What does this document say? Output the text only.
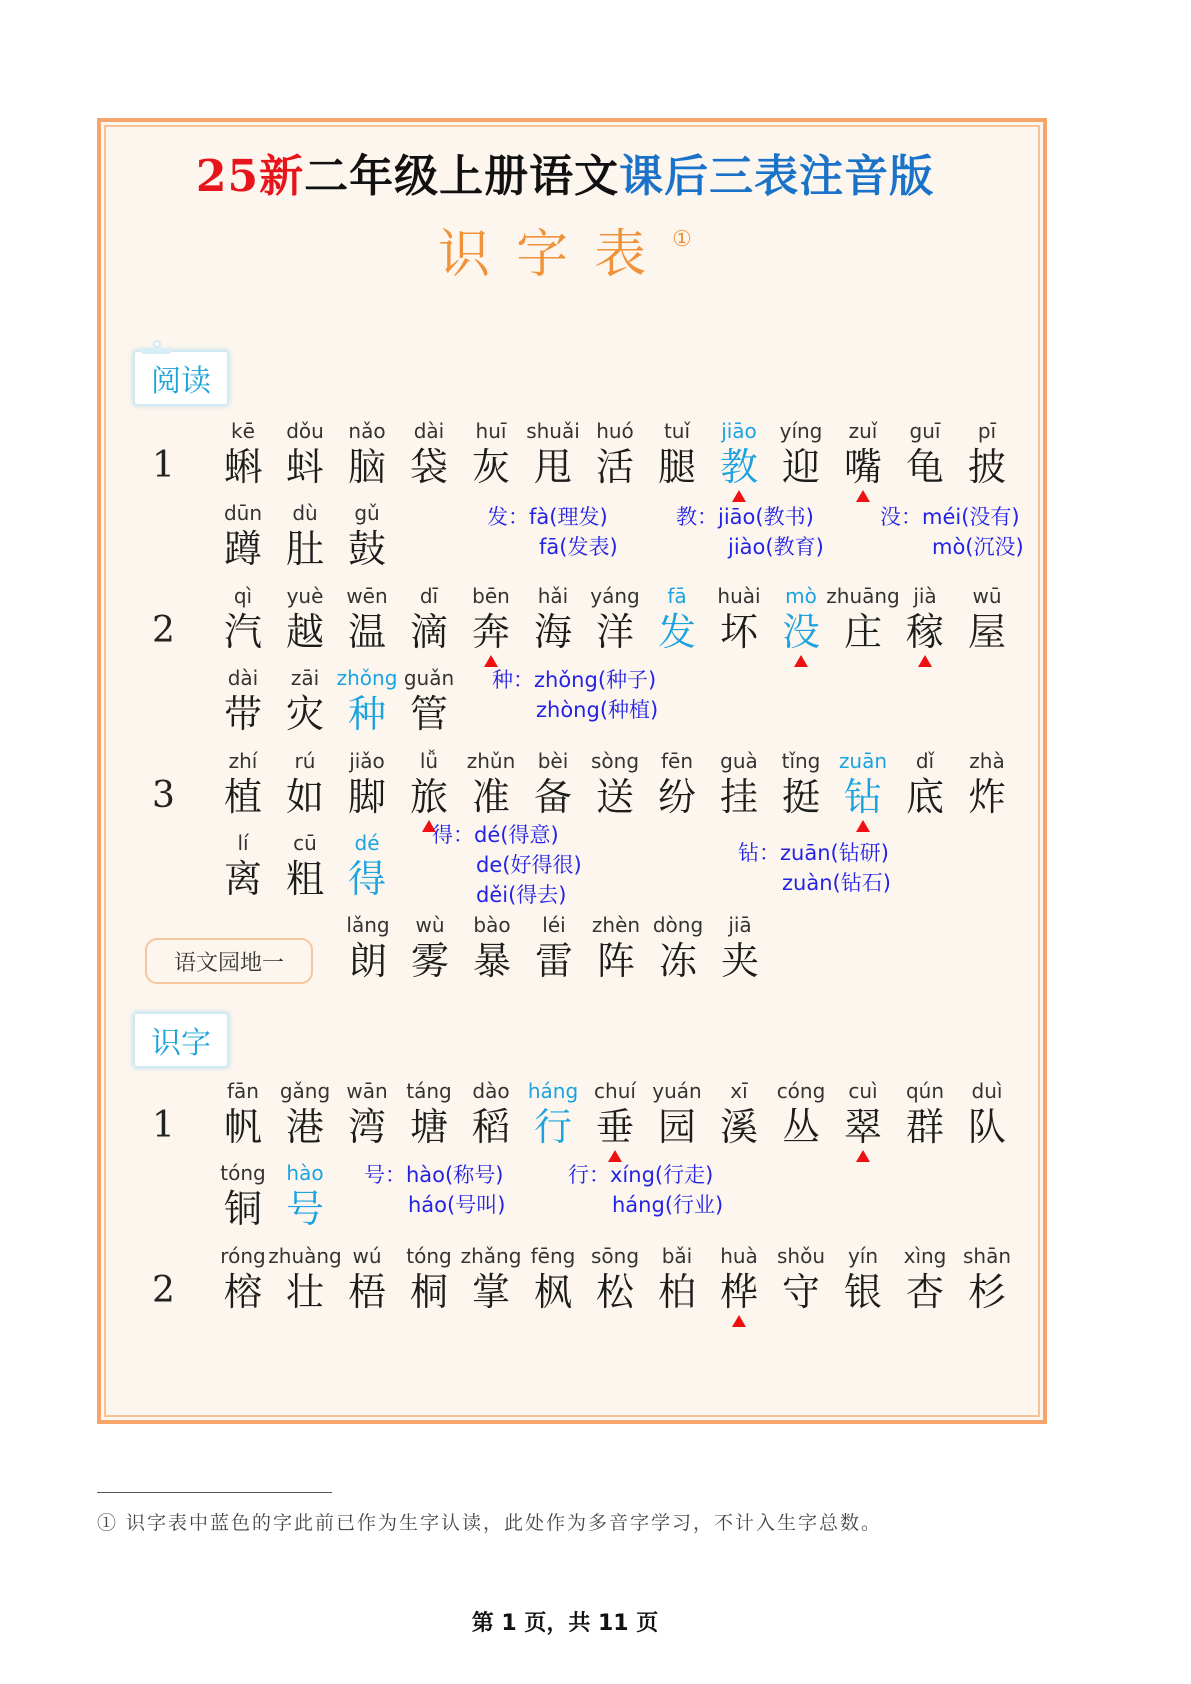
25新二年级上册语文课后三表注音版
识字表①
阅读
1
kē
蝌
dǒu
蚪
nǎo
脑
dài
袋
huī
灰
shuǎi
甩
huó
活
tuǐ
腿
jiāo
教
yíng
迎
zuǐ
嘴
guī
龟
pī
披
dūn
蹲
dù
肚
gǔ
鼓
发：fà(理发)
fā(发表)
教：jiāo(教书)
jiào(教育)
没：méi(没有)
mò(沉没)
2
qì
汽
yuè
越
wēn
温
dī
滴
bēn
奔
hǎi
海
yáng
洋
fā
发
huài
坏
mò
没
zhuāng
庄
jià
稼
wū
屋
dài
带
zāi
灾
zhǒng
种
guǎn
管
种：zhǒng(种子)
zhòng(种植)
3
zhí
植
rú
如
jiǎo
脚
lǚ
旅
zhǔn
准
bèi
备
sòng
送
fēn
纷
guà
挂
tǐng
挺
zuān
钻
dǐ
底
zhà
炸
lí
离
cū
粗
dé
得
得：dé(得意)
de(好得很)
děi(得去)
钻：zuān(钻研)
zuàn(钻石)
语文园地一
lǎng
朗
wù
雾
bào
暴
léi
雷
zhèn
阵
dòng
冻
jiā
夹
识字
1
fān
帆
gǎng
港
wān
湾
táng
塘
dào
稻
háng
行
chuí
垂
yuán
园
xī
溪
cóng
丛
cuì
翠
qún
群
duì
队
tóng
铜
hào
号
号：hào(称号)
háo(号叫)
行：xíng(行走)
háng(行业)
2
róng
榕
zhuàng
壮
wú
梧
tóng
桐
zhǎng
掌
fēng
枫
sōng
松
bǎi
柏
huà
桦
shǒu
守
yín
银
xìng
杏
shān
杉
① 识字表中蓝色的字此前已作为生字认读，此处作为多音字学习，不计入生字总数。
第 1 页，共 11 页
